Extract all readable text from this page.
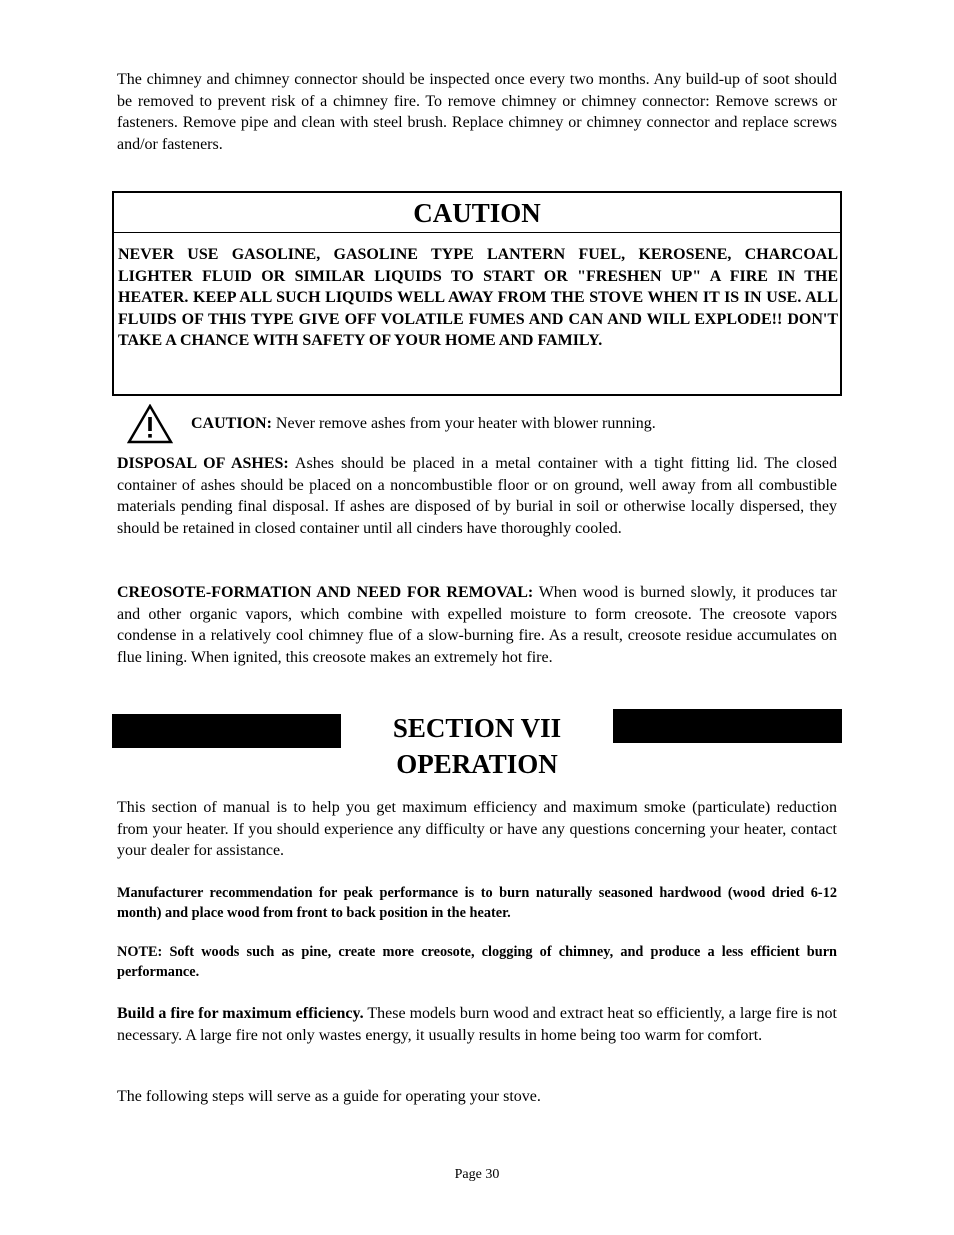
The chimney and chimney connector should be inspected once every two months. Any build-up of soot should be removed to prevent risk of a chimney fire. To remove chimney or chimney connector: Remove screws or fasteners. Remove pipe and clean with steel brush. Replace chimney or chimney connector and replace screws and/or fasteners.

CAUTION
NEVER USE GASOLINE, GASOLINE TYPE LANTERN FUEL, KEROSENE, CHARCOAL LIGHTER FLUID OR SIMILAR LIQUIDS TO START OR "FRESHEN UP" A FIRE IN THE HEATER. KEEP ALL SUCH LIQUIDS WELL AWAY FROM THE STOVE WHEN IT IS IN USE. ALL FLUIDS OF THIS TYPE GIVE OFF VOLATILE FUMES AND CAN AND WILL EXPLODE!! DON'T TAKE A CHANCE WITH SAFETY OF YOUR HOME AND FAMILY.
CAUTION: Never remove ashes from your heater with blower running.

DISPOSAL OF ASHES: Ashes should be placed in a metal container with a tight fitting lid. The closed container of ashes should be placed on a noncombustible floor or on ground, well away from all combustible materials pending final disposal. If ashes are disposed of by burial in soil or otherwise locally dispersed, they should be retained in closed container until all cinders have thoroughly cooled.

CREOSOTE-FORMATION AND NEED FOR REMOVAL: When wood is burned slowly, it produces tar and other organic vapors, which combine with expelled moisture to form creosote. The creosote vapors condense in a relatively cool chimney flue of a slow-burning fire. As a result, creosote residue accumulates on flue lining. When ignited, this creosote makes an extremely hot fire.

SECTION VII
OPERATION

This section of manual is to help you get maximum efficiency and maximum smoke (particulate) reduction from your heater. If you should experience any difficulty or have any questions concerning your heater, contact your dealer for assistance.

Manufacturer recommendation for peak performance is to burn naturally seasoned hardwood (wood dried 6-12 month) and place wood from front to back position in the heater.

NOTE: Soft woods such as pine, create more creosote, clogging of chimney, and produce a less efficient burn performance.

Build a fire for maximum efficiency. These models burn wood and extract heat so efficiently, a large fire is not necessary. A large fire not only wastes energy, it usually results in home being too warm for comfort.

The following steps will serve as a guide for operating your stove.

Page 30
